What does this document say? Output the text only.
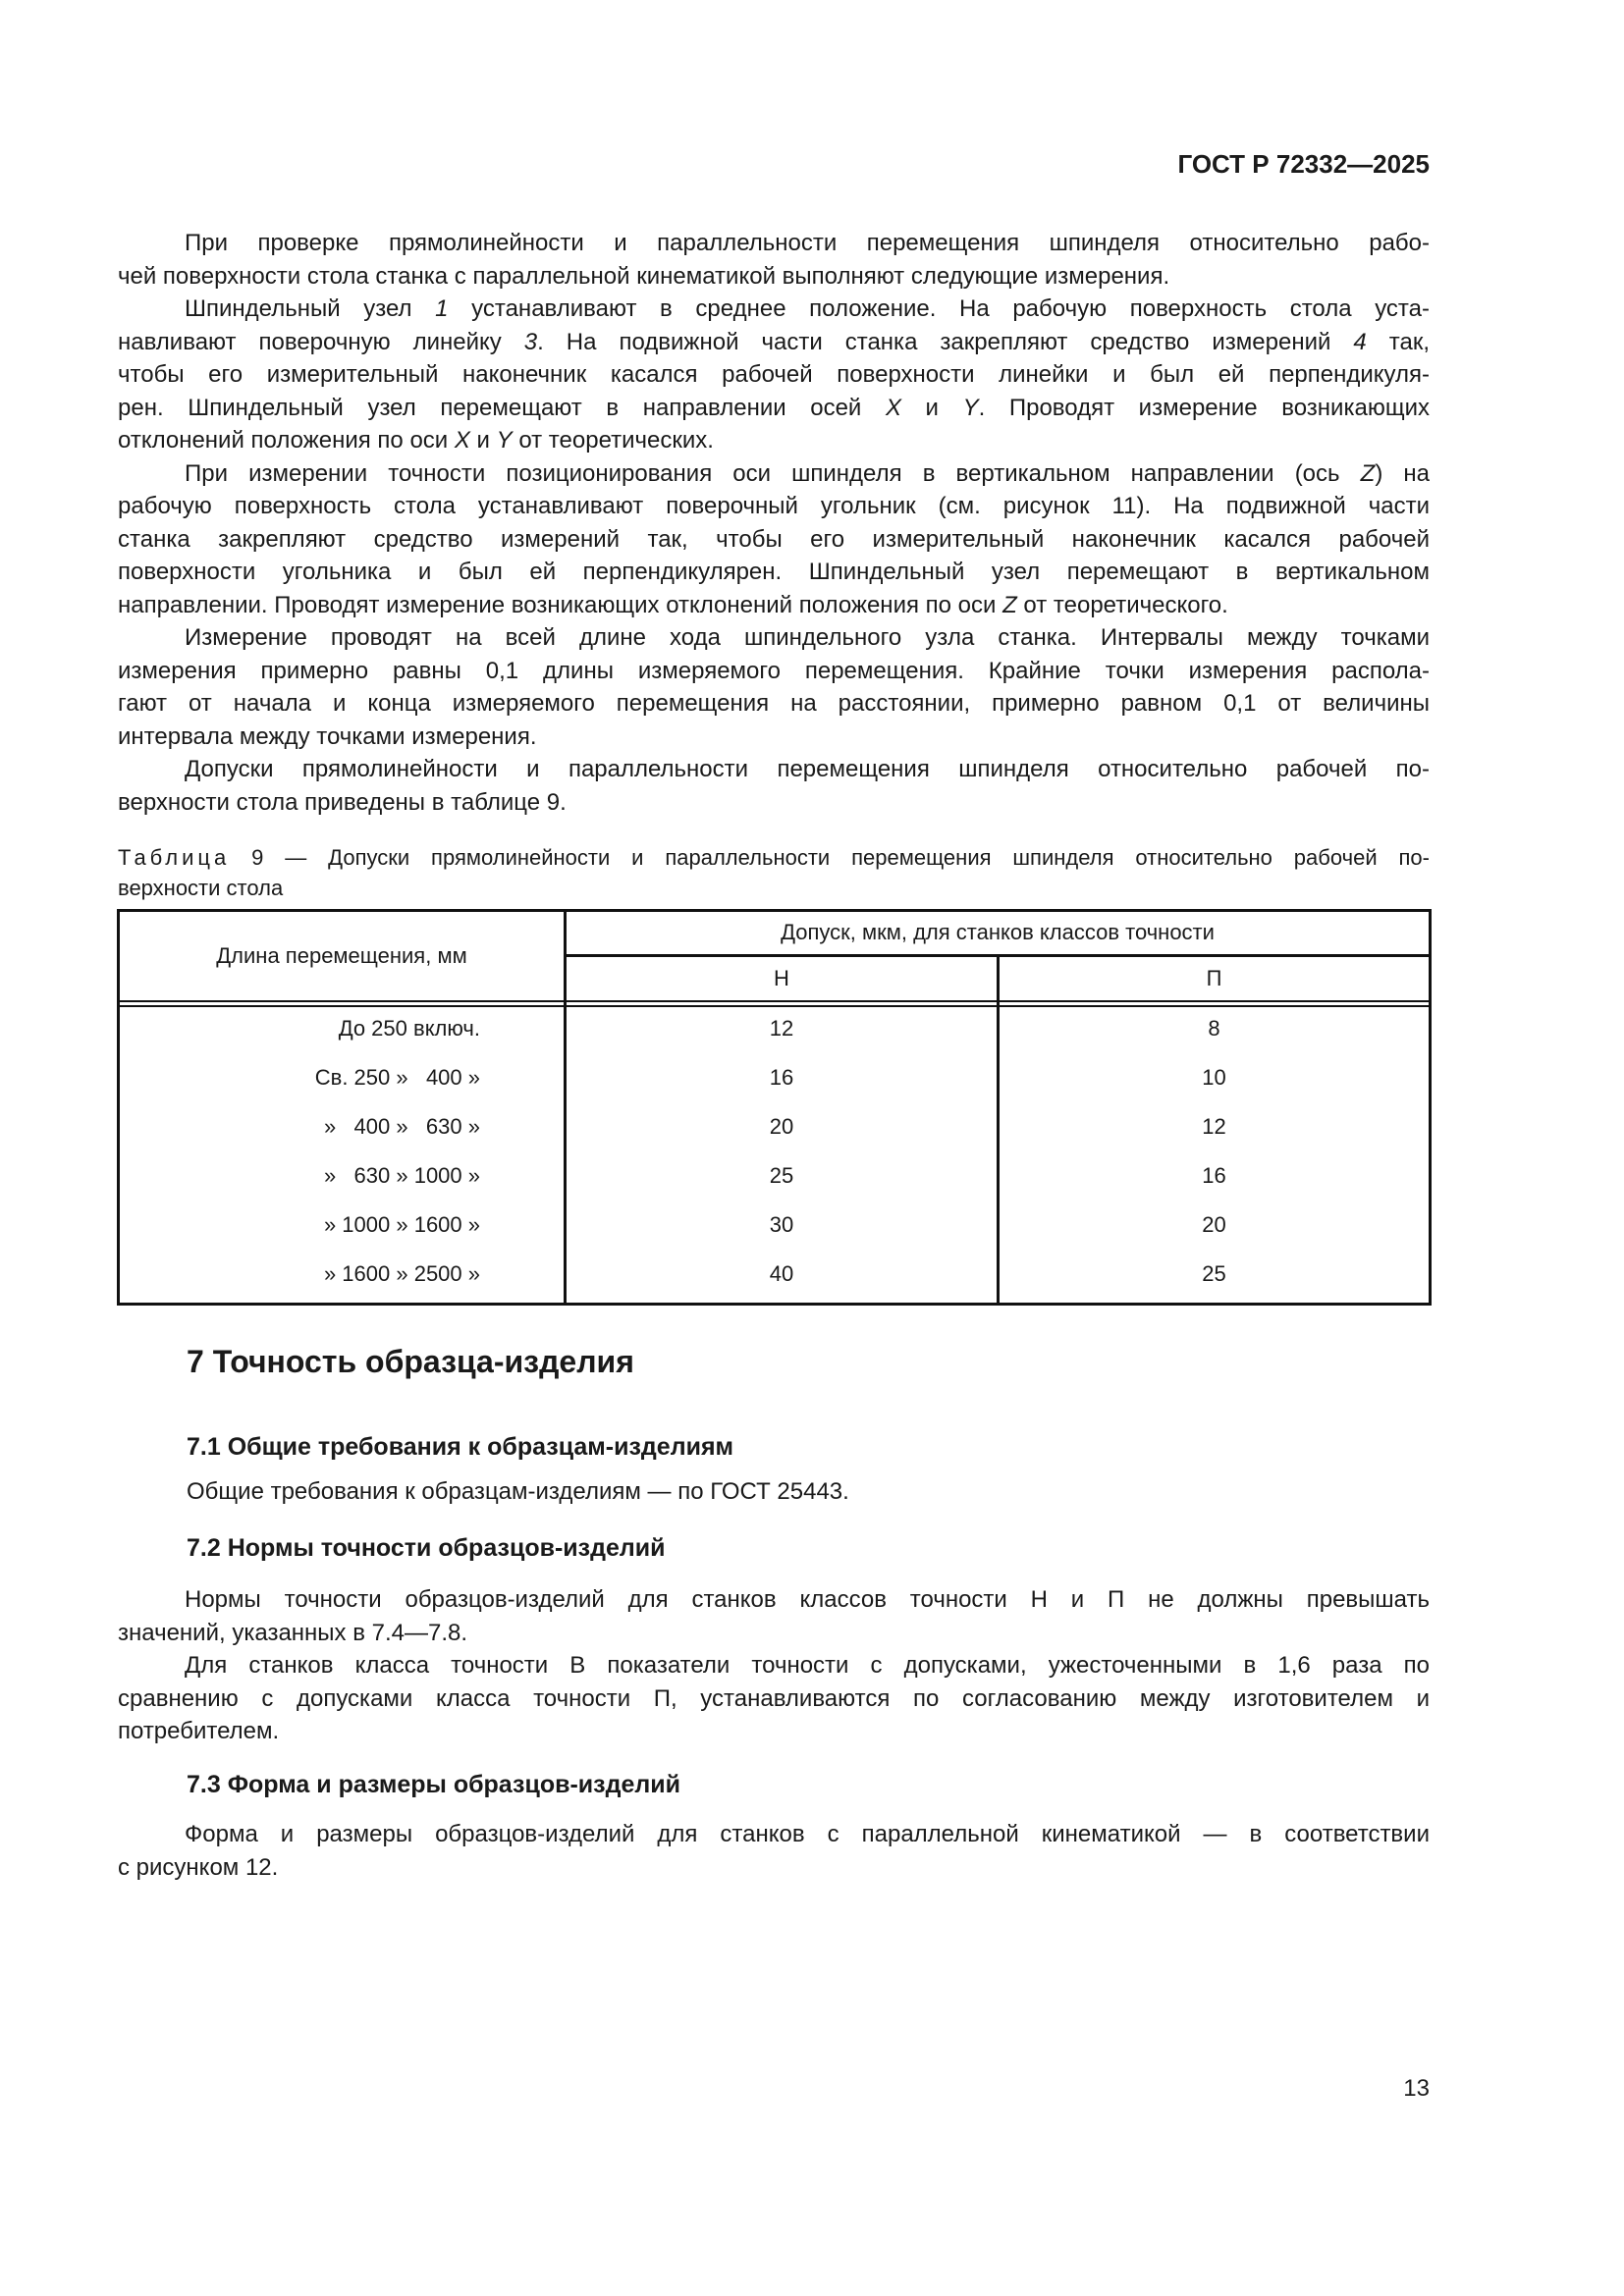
ГОСТ Р 72332—2025
При проверке прямолинейности и параллельности перемещения шпинделя относительно рабо-
чей поверхности стола станка с параллельной кинематикой выполняют следующие измерения.
Шпиндельный узел 1 устанавливают в среднее положение. На рабочую поверхность стола уста-
навливают поверочную линейку 3. На подвижной части станка закрепляют средство измерений 4 так,
чтобы его измерительный наконечник касался рабочей поверхности линейки и был ей перпендикуля-
рен. Шпиндельный узел перемещают в направлении осей X и Y. Проводят измерение возникающих
отклонений положения по оси X и Y от теоретических.
При измерении точности позиционирования оси шпинделя в вертикальном направлении (ось Z) на
рабочую поверхность стола устанавливают поверочный угольник (см. рисунок 11). На подвижной части
станка закрепляют средство измерений так, чтобы его измерительный наконечник касался рабочей
поверхности угольника и был ей перпендикулярен. Шпиндельный узел перемещают в вертикальном
направлении. Проводят измерение возникающих отклонений положения по оси Z от теоретического.
Измерение проводят на всей длине хода шпиндельного узла станка. Интервалы между точками
измерения примерно равны 0,1 длины измеряемого перемещения. Крайние точки измерения распола-
гают от начала и конца измеряемого перемещения на расстоянии, примерно равном 0,1 от величины
интервала между точками измерения.
Допуски прямолинейности и параллельности перемещения шпинделя относительно рабочей по-
верхности стола приведены в таблице 9.
Таблица 9 — Допуски прямолинейности и параллельности перемещения шпинделя относительно рабочей по-
верхности стола
Длина перемещения, мм
Допуск, мкм, для станков классов точности
Н	П
До 250 включ.	12	8
Св. 250 »   400 »	16	10
»   400 »   630 »	20	12
»   630 » 1000 »	25	16
» 1000 » 1600 »	30	20
» 1600 » 2500 »	40	25
7 Точность образца-изделия
7.1 Общие требования к образцам-изделиям
Общие требования к образцам-изделиям — по ГОСТ 25443.
7.2 Нормы точности образцов-изделий
Нормы точности образцов-изделий для станков классов точности Н и П не должны превышать
значений, указанных в 7.4—7.8.
Для станков класса точности В показатели точности с допусками, ужесточенными в 1,6 раза по
сравнению с допусками класса точности П, устанавливаются по согласованию между изготовителем и
потребителем.
7.3 Форма и размеры образцов-изделий
Форма и размеры образцов-изделий для станков с параллельной кинематикой — в соответствии
с рисунком 12.
13
